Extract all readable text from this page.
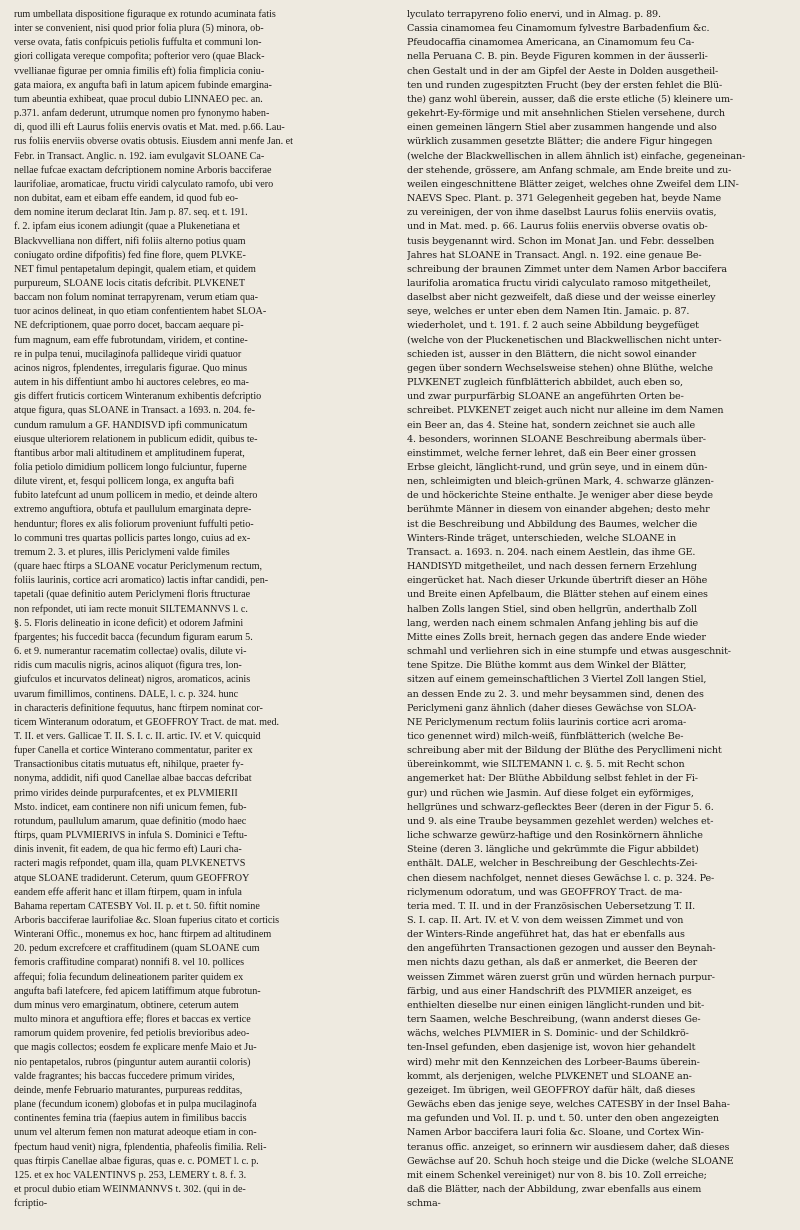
rum umbellata dispositione figuraque ex rotundo acuminata fatis
inter se convenient, nisi quod prior folia plura (5) minora, ob-
verse ovata, fatis confpicuis petiolis fuffulta et communi lon-
giori colligata vereque compofita; pofterior vero (quae Black-
vvellianae figurae per omnia fimilis eft) folia fimplicia coniu-
gata maiora, ex angufta bafi in latum apicem fubinde emargina-
tum abeuntia exhibeat, quae procul dubio LINNAEO pec. an.
p.371. anfam dederunt, utrumque nomen pro fynonymo haben-
di, quod illi eft Laurus foliis enervis ovatis et Mat. med. p.66. Lau-
rus foliis enerviis obverse ovatis obtusis. Eiusdem anni menfe Jan. et
Febr. in Transact. Anglic. n. 192. iam evulgavit SLOANE Ca-
nellae fufcae exactam defcriptionem nomine Arboris bacciferae
laurifoliae, aromaticae, fructu viridi calyculato ramofo, ubi vero
non dubitat, eam et eibam effe eandem, id quod fub eo-
dem nomine iterum declarat Itin. Jam p. 87. seq. et t. 191.
f. 2. ipfam eius iconem adiungit (quae a Plukenetiana et
Blackvvelliana non differt, nifi foliis alterno potius quam
coniugato ordine difpofitis) fed fine flore, quem PLVKE-
NET fimul pentapetalum depingit, qualem etiam, et quidem
purpureum, SLOANE locis citatis defcribit. PLVKENET
baccam non folum nominat terrapyrenam, verum etiam qua-
tuor acinos delineat, in quo etiam confentientem habet SLOA-
NE defcriptionem, quae porro docet, baccam aequare pi-
fum magnum, eam effe fubrotundam, viridem, et contine-
re in pulpa tenui, mucilaginofa pallideque viridi quatuor
acinos nigros, fplendentes, irregularis figurae. Quo minus
autem in his diffentiunt ambo hi auctores celebres, eo ma-
gis differt fruticis corticem Winteranum exhibentis defcriptio
atque figura, quas SLOANE in Transact. a 1693. n. 204. fe-
cundum ramulum a GF. HANDISVD ipfi communicatum
eiusque ulteriorem relationem in publicum edidit, quibus te-
ftantibus arbor mali altitudinem et amplitudinem fuperat,
folia petiolo dimidium pollicem longo fulciuntur, fuperne
dilute virent, et, fesqui pollicem longa, ex angufta bafi
fubito latefcunt ad unum pollicem in medio, et deinde altero
extremo anguftiora, obtufa et paullulum emarginata depre-
henduntur; flores ex alis foliorum proveniunt fuffulti petio-
lo communi tres quartas pollicis partes longo, cuius ad ex-
tremum 2. 3. et plures, illis Periclymeni valde fimiles
(quare haec ftirps a SLOANE vocatur Periclymenum rectum,
foliis laurinis, cortice acri aromatico) lactis inftar candidi, pen-
tapetali (quae definitio autem Periclymeni floris ftructurae
non refpondet, uti iam recte monuit SILTEMANNVS l. c.
§. 5. Floris delineatio in icone deficit) et odorem Jafmini
fpargentes; his fuccedit bacca (fecundum figuram earum 5.
6. et 9. numerantur racematim collectae) ovalis, dilute vi-
ridis cum maculis nigris, acinos aliquot (figura tres, lon-
giufculos et incurvatos delineat) nigros, aromaticos, acinis
uvarum fimillimos, continens. DALE, l. c. p. 324. hunc
in characteris definitione fequutus, hanc ftirpem nominat cor-
ticem Winteranum odoratum, et GEOFFROY Tract. de mat. med.
T. II. et vers. Gallicae T. II. S. I. c. II. artic. IV. et V. quicquid
fuper Canella et cortice Winterano commentatur, pariter ex
Transactionibus citatis mutuatus eft, nihilque, praeter fy-
nonyma, addidit, nifi quod Canellae albae baccas defcribat
primo virides deinde purpurafcentes, et ex PLVMIERII
Msto. indicet, eam continere non nifi unicum femen, fub-
rotundum, paullulum amarum, quae definitio (modo haec
ftirps, quam PLVMIERIVS in infula S. Dominici e Teftu-
dinis invenit, fit eadem, de qua hic fermo eft) Lauri cha-
racteri magis refpondet, quam illa, quam PLVKENETVS
atque SLOANE tradiderunt. Ceterum, quum GEOFFROY
eandem effe afferit hanc et illam ftirpem, quam in infula
Bahama repertam CATESBY Vol. II. p. et t. 50. fiftit nomine
Arboris bacciferae laurifoliae &c. Sloan fuperius citato et corticis
Winterani Offic., monemus ex hoc, hanc ftirpem ad altitudinem
20. pedum excrefcere et craffitudinem (quam SLOANE cum
femoris craffitudine comparat) nonnifi 8. vel 10. pollices
affequi; folia fecundum delineationem pariter quidem ex
angufta bafi latefcere, fed apicem latiffimum atque fubrotun-
dum minus vero emarginatum, obtinere, ceterum autem
multo minora et anguftiora effe; flores et baccas ex vertice
ramorum quidem provenire, fed petiolis brevioribus adeo-
que magis collectos; eosdem fe explicare menfe Maio et Ju-
nio pentapetalos, rubros (pinguntur autem aurantii coloris)
valde fragrantes; his baccas fuccedere primum virides,
deinde, menfe Februario maturantes, purpureas redditas,
plane (fecundum iconem) globofas et in pulpa mucilaginofa
continentes femina tria (faepius autem in fimilibus baccis
unum vel alterum femen non maturat adeoque etiam in con-
fpectum haud venit) nigra, fplendentia, phafeolis fimilia. Reli-
quas ftirpis Canellae albae figuras, quas e. c. POMET l. c. p.
125. et ex hoc VALENTINVS p. 253, LEMERY t. 8. f. 3.
et procul dubio etiam WEINMANNVS t. 302. (qui in de-
fcriptio-
lyculato terrapyreno folio enervi, und in Almag. p. 89.
Cassia cinamomea feu Cinamomum fylvestre Barbadenfium &c.
Pfeudocaffia cinamomea Americana, an Cinamomum feu Ca-
nella Peruana C. B. pin. Beyde Figuren kommen in der äusserli-
chen Gestalt und in der am Gipfel der Aeste in Dolden ausgetheil-
ten und runden zugespitzten Frucht (bey der ersten fehlet die Blü-
the) ganz wohl überein, ausser, daß die erste etliche (5) kleinere um-
gekehrt-Ey-förmige und mit ansehnlichen Stielen versehene, durch
einen gemeinen längern Stiel aber zusammen hangende und also
würklich zusammen gesetzte Blätter; die andere Figur hingegen
(welche der Blackwellischen in allem ähnlich ist) einfache, gegeneinan-
der stehende, grössere, am Anfang schmale, am Ende breite und zu-
weilen eingeschnittene Blätter zeiget, welches ohne Zweifel dem LIN-
NAEVS Spec. Plant. p. 371 Gelegenheit gegeben hat, beyde Name
zu vereinigen, der von ihme daselbst Laurus foliis enerviis ovatis,
und in Mat. med. p. 66. Laurus foliis enerviis obverse ovatis ob-
tusis beygenannt wird. Schon im Monat Jan. und Febr. desselben
Jahres hat SLOANE in Transact. Angl. n. 192. eine genaue Be-
schreibung der braunen Zimmet unter dem Namen Arbor baccifera
laurifolia aromatica fructu viridi calyculato ramoso mitgetheilet,
daselbst aber nicht gezweifelt, daß diese und der weisse einerley
seye, welches er unter eben dem Namen Itin. Jamaic. p. 87.
wiederholet, und t. 191. f. 2 auch seine Abbildung beygefüget
(welche von der Pluckenetischen und Blackwellischen nicht unter-
schieden ist, ausser in den Blättern, die nicht sowol einander
gegen über sondern Wechselsweise stehen) ohne Blüthe, welche
PLVKENET zugleich fünfblätterich abbildet, auch eben so,
und zwar purpurfärbig SLOANE an angeführten Orten be-
schreibet. PLVKENET zeiget auch nicht nur alleine im dem Namen
ein Beer an, das 4. Steine hat, sondern zeichnet sie auch alle
4. besonders, worinnen SLOANE Beschreibung abermals über-
einstimmet, welche ferner lehret, daß ein Beer einer grossen
Erbse gleicht, länglicht-rund, und grün seye, und in einem dün-
nen, schleimigten und bleich-grünen Mark, 4. schwarze glänzen-
de und höckerichte Steine enthalte. Je weniger aber diese beyde
berühmte Männer in diesem von einander abgehen; desto mehr
ist die Beschreibung und Abbildung des Baumes, welcher die
Winters-Rinde träget, unterschieden, welche SLOANE in
Transact. a. 1693. n. 204. nach einem Aestlein, das ihme GE.
HANDISYD mitgetheilet, und nach dessen fernern Erzehlung
eingerücket hat. Nach dieser Urkunde übertrift dieser an Höhe
und Breite einen Apfelbaum, die Blätter stehen auf einem eines
halben Zolls langen Stiel, sind oben hellgrün, anderthalb Zoll
lang, werden nach einem schmalen Anfang jehling bis auf die
Mitte eines Zolls breit, hernach gegen das andere Ende wieder
schmahl und verliehren sich in eine stumpfe und etwas ausgeschnit-
tene Spitze. Die Blüthe kommt aus dem Winkel der Blätter,
sitzen auf einem gemeinschaftlichen 3 Viertel Zoll langen Stiel,
an dessen Ende zu 2. 3. und mehr beysammen sind, denen des
Periclymeni ganz ähnlich (daher dieses Gewächse von SLOA-
NE Periclymenum rectum foliis laurinis cortice acri aroma-
tico genennet wird) milch-weiß, fünfblätterich (welche Be-
schreibung aber mit der Bildung der Blüthe des Perycllimeni nicht
übereinkommt, wie SILTEMANN l. c. §. 5. mit Recht schon
angemerket hat: Der Blüthe Abbildung selbst fehlet in der Fi-
gur) und rüchen wie Jasmin. Auf diese folget ein eyförmiges,
hellgrünes und schwarz-geflecktes Beer (deren in der Figur 5. 6.
und 9. als eine Traube beysammen gezehlet werden) welches et-
liche schwarze gewürz-haftige und den Rosinkörnern ähnliche
Steine (deren 3. längliche und gekrümmte die Figur abbildet)
enthält. DALE, welcher in Beschreibung der Geschlechts-Zei-
chen diesem nachfolget, nennet dieses Gewächse l. c. p. 324. Pe-
riclymenum odoratum, und was GEOFFROY Tract. de ma-
teria med. T. II. und in der Französischen Uebersetzung T. II.
S. I. cap. II. Art. IV. et V. von dem weissen Zimmet und von
der Winters-Rinde angeführet hat, das hat er ebenfalls aus
den angeführten Transactionen gezogen und ausser den Beynah-
men nichts dazu gethan, als daß er anmerket, die Beeren der
weissen Zimmet wären zuerst grün und würden hernach purpur-
färbig, und aus einer Handschrift des PLVMIER anzeiget, es
enthielten dieselbe nur einen einigen länglicht-runden und bit-
tern Saamen, welche Beschreibung, (wann anderst dieses Ge-
wächs, welches PLVMIER in S. Dominic- und der Schildkrö-
ten-Insel gefunden, eben dasjenige ist, wovon hier gehandelt
wird) mehr mit den Kennzeichen des Lorbeer-Baums überein-
kommt, als derjenigen, welche PLVKENET und SLOANE an-
gezeiget. Im übrigen, weil GEOFFROY dafür hält, daß dieses
Gewächs eben das jenige seye, welches CATESBY in der Insel Baha-
ma gefunden und Vol. II. p. und t. 50. unter den oben angezeigten
Namen Arbor baccifera lauri folia &c. Sloane, und Cortex Win-
teranus offic. anzeiget, so erinnern wir ausdiesem daher, daß dieses
Gewächse auf 20. Schuh hoch steige und die Dicke (welche SLOANE
mit einem Schenkel vereiniget) nur von 8. bis 10. Zoll erreiche;
daß die Blätter, nach der Abbildung, zwar ebenfalls aus einem
schma-
